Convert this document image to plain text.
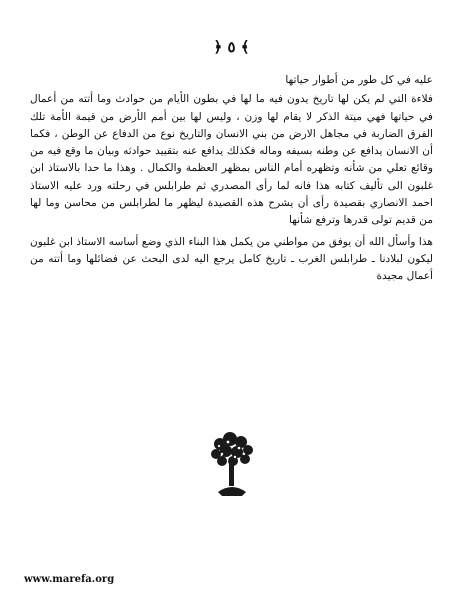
﴿ ٥ ﴾

عليه في كل طور من أطوار حياتها

فلاءة التي لم يكن لها تاريخ يدون فيه ما لها في بطون الأيام من حوادث وما أتته من أعمال في حياتها فهي ميتة الذكر لا يقام لها وزن ، وليس لها بين أمم الأرض من قيمة الأمة تلك الفرق الضاربة في مجاهل الارض من بني الانسان والتاريخ نوع من الدفاع عن الوطن ، فكما أن الانسان يدافع عن وطنه بسيفه وماله فكذلك يدافع عنه بتقييد حوادثه وبيان ما وقع فيه من وقائع تعلي من شأنه وتظهره أمام الناس بمظهر العظمة والكمال . وهذا ما حدا بالاستاذ ابن غلبون الى تأليف كتابه هذا فانه لما رأى المصدري ثم طرابلس في رحلته ورد عليه الاستاذ احمد الانصاري بقصيدة رأى أن يشرح هذه القصيدة ليظهر ما لطرابلس من محاسن وما لها من قديم تولى قدرها وترفع شأنها

هذا وأسأل الله أن يوفق من مواطني من يكمل هذا البناء الذي وضع أساسه الاستاذ ابن غلبون ليكون لبلادنا ـ طرابلس الغرب ـ تاريخ كامل يرجع اليه لدى البحث عن فضائلها وما أتته من أعمال مجيدة

www.marefa.org
